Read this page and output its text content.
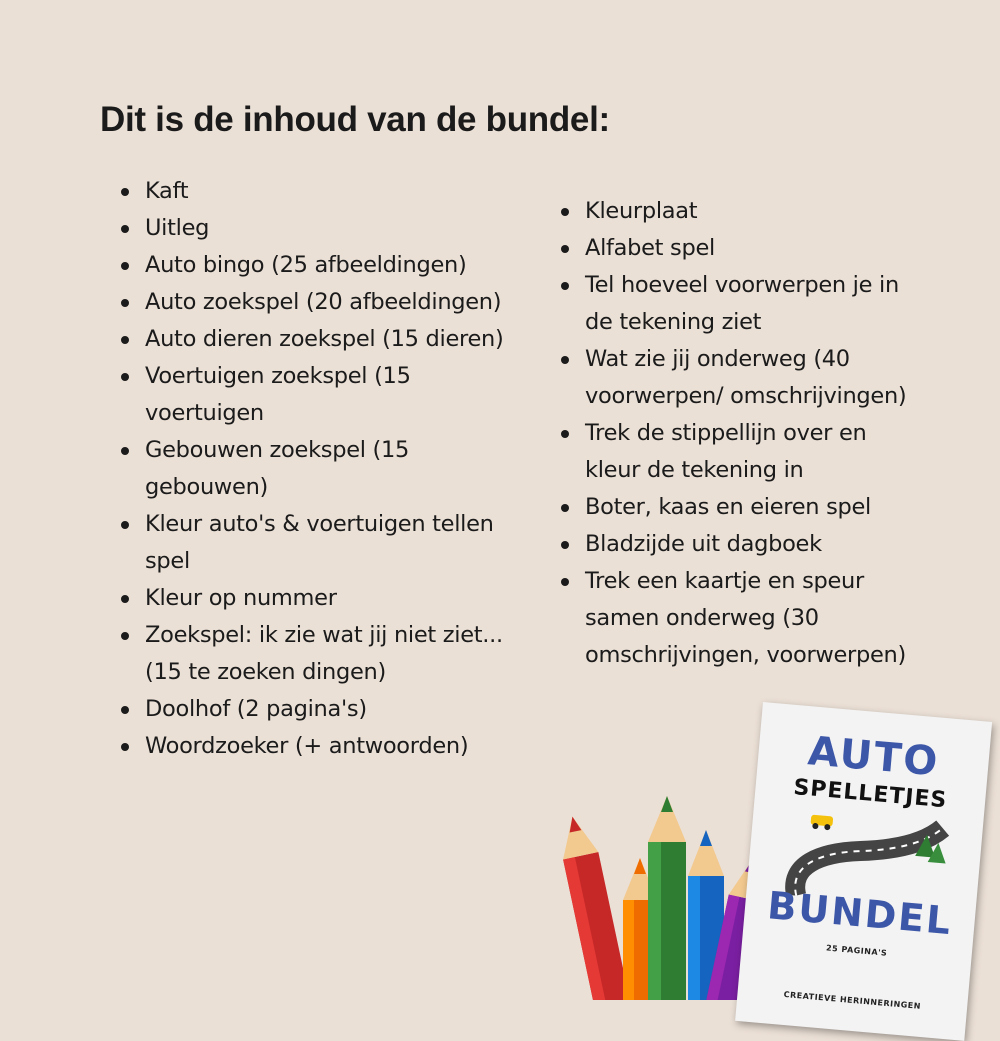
Dit is de inhoud van de bundel:
Kaft
Uitleg
Auto bingo (25 afbeeldingen)
Auto zoekspel (20 afbeeldingen)
Auto dieren zoekspel (15 dieren)
Voertuigen zoekspel (15 voertuigen
Gebouwen zoekspel (15 gebouwen)
Kleur auto's & voertuigen tellen spel
Kleur op nummer
Zoekspel: ik zie wat jij niet ziet... (15 te zoeken dingen)
Doolhof (2 pagina's)
Woordzoeker (+ antwoorden)
Kleurplaat
Alfabet spel
Tel hoeveel voorwerpen je in de tekening ziet
Wat zie jij onderweg (40 voorwerpen/ omschrijvingen)
Trek de stippellijn over en kleur de tekening in
Boter, kaas en eieren spel
Bladzijde uit dagboek
Trek een kaartje en speur samen onderweg (30 omschrijvingen, voorwerpen)
AUTO
SPELLETJES
BUNDEL
25 PAGINA'S
CREATIEVE HERINNERINGEN
